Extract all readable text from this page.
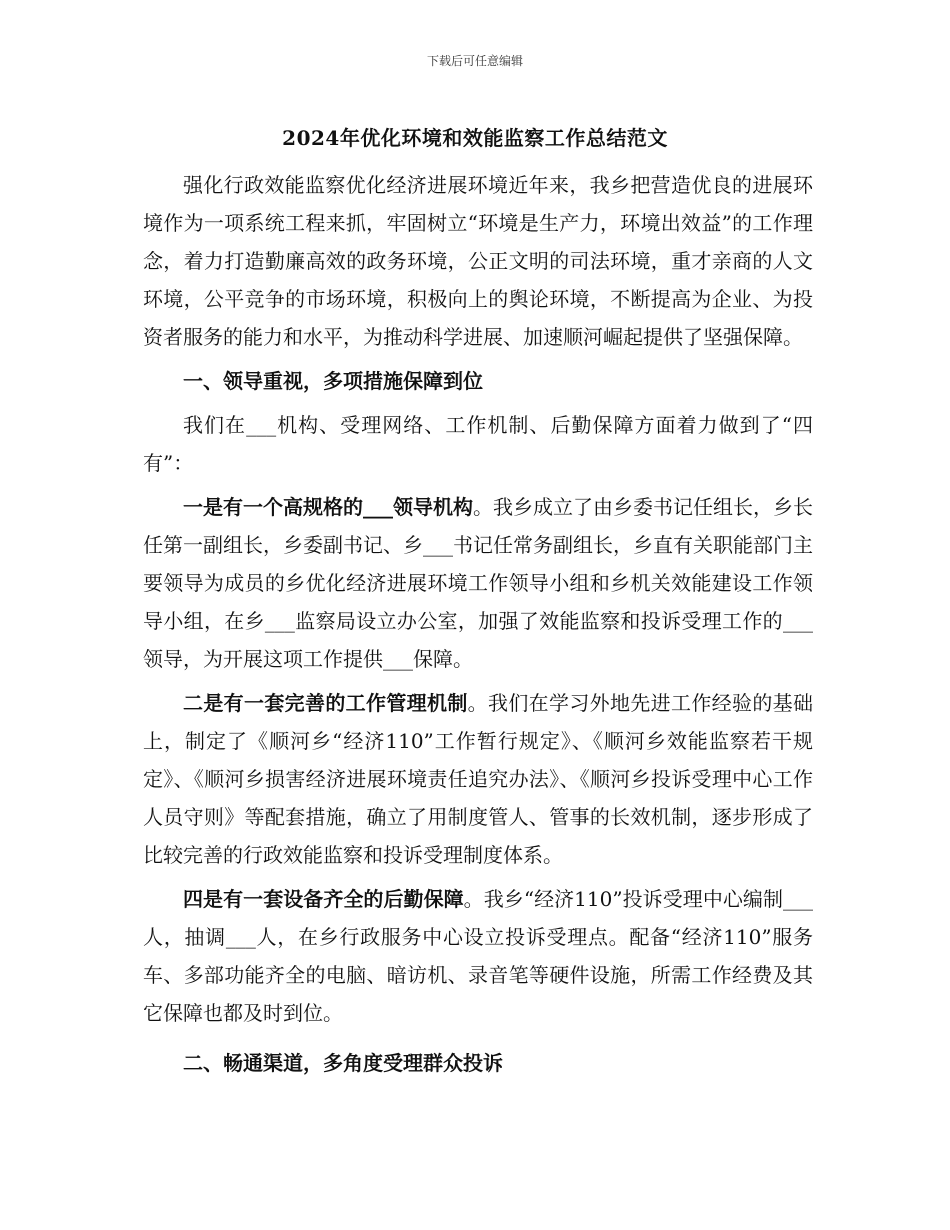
下载后可任意编辑
2024年优化环境和效能监察工作总结范文

强化行政效能监察优化经济进展环境近年来，我乡把营造优良的进展环境作为一项系统工程来抓，牢固树立“环境是生产力，环境出效益”的工作理念，着力打造勤廉高效的政务环境，公正文明的司法环境，重才亲商的人文环境，公平竞争的市场环境，积极向上的舆论环境，不断提高为企业、为投资者服务的能力和水平，为推动科学进展、加速顺河崛起提供了坚强保障。

一、领导重视，多项措施保障到位

我们在___机构、受理网络、工作机制、后勤保障方面着力做到了“四有”：

一是有一个高规格的___领导机构。我乡成立了由乡委书记任组长，乡长任第一副组长，乡委副书记、乡___书记任常务副组长，乡直有关职能部门主要领导为成员的乡优化经济进展环境工作领导小组和乡机关效能建设工作领导小组，在乡___监察局设立办公室，加强了效能监察和投诉受理工作的___领导，为开展这项工作提供___保障。

二是有一套完善的工作管理机制。我们在学习外地先进工作经验的基础上，制定了《顺河乡“经济110”工作暂行规定》、《顺河乡效能监察若干规定》、《顺河乡损害经济进展环境责任追究办法》、《顺河乡投诉受理中心工作人员守则》等配套措施，确立了用制度管人、管事的长效机制，逐步形成了比较完善的行政效能监察和投诉受理制度体系。

四是有一套设备齐全的后勤保障。我乡“经济110”投诉受理中心编制___人，抽调___人，在乡行政服务中心设立投诉受理点。配备“经济110”服务车、多部功能齐全的电脑、暗访机、录音笔等硬件设施，所需工作经费及其它保障也都及时到位。

二、畅通渠道，多角度受理群众投诉
